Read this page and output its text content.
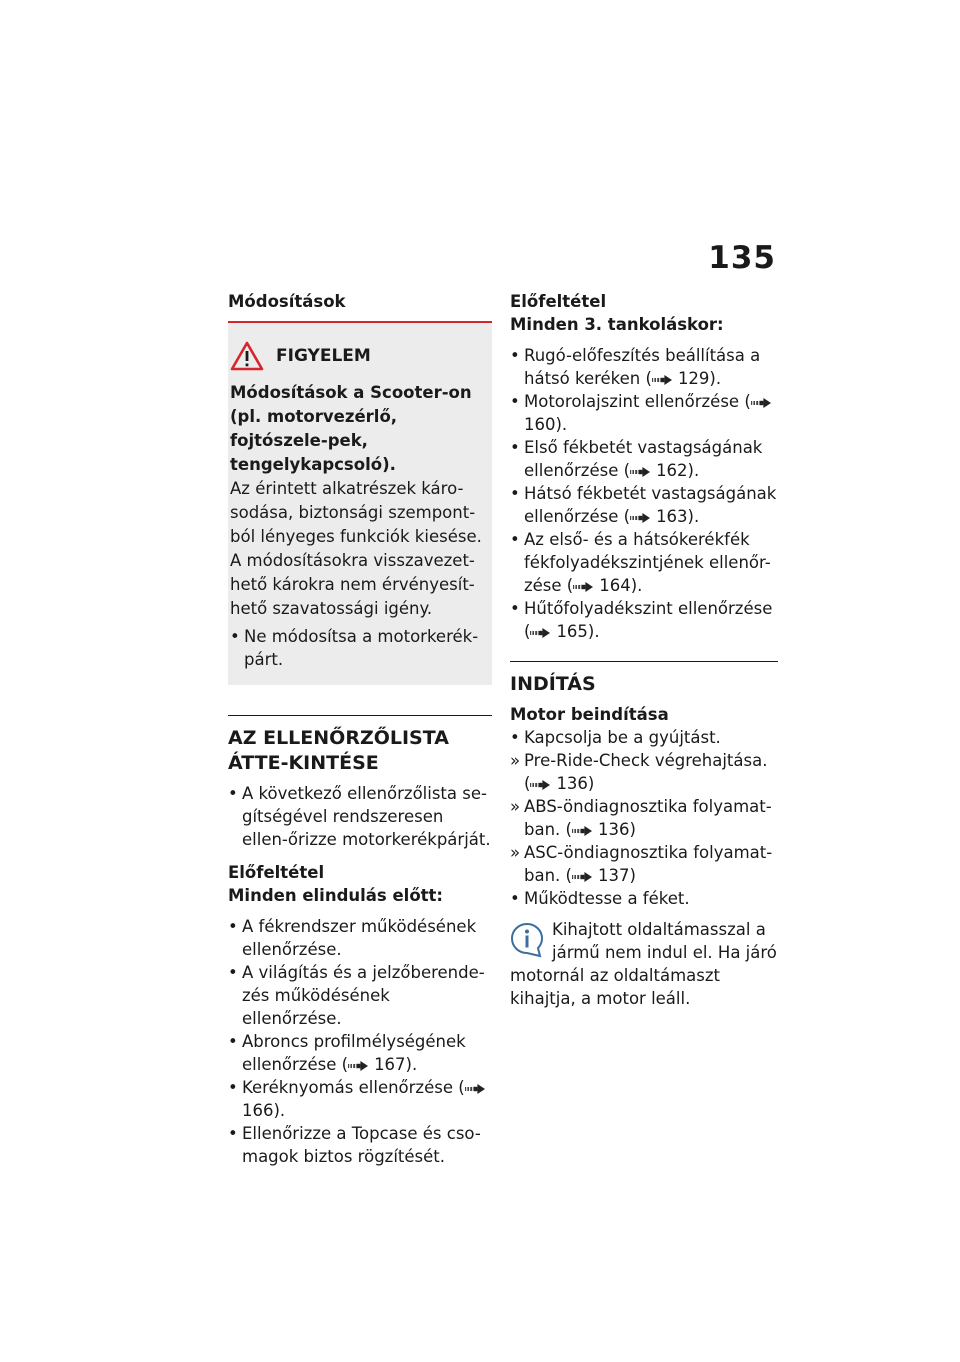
135
Módosítások
FIGYELEM

Módosítások a Scooter-on (pl. motorvezérlő, fojtószele-pek, tengelykapcsoló).

Az érintett alkatrészek káro-sodása, biztonsági szempont-ból lényeges funkciók kiesése. A módosításokra visszavezet-hető károkra nem érvényesít-hető szavatossági igény.

• Ne módosítsa a motorkerék-párt.
AZ ELLENŐRZŐLISTA ÁTTE-KINTÉSE
• A következő ellenőrzőlista se-gítségével rendszeresen ellen-őrizze motorkerékpárját.
Előfeltétel
Minden elindulás előtt:
• A fékrendszer működésének ellenőrzése.
• A világítás és a jelzőberende-zés működésének ellenőrzése.
• Abroncs profilmélységének ellenőrzése ( 167).
• Keréknyomás ellenőrzése (166).
• Ellenőrizze a Topcase és cso-magok biztos rögzítését.
Előfeltétel
Minden 3. tankoláskor:
• Rugó-előfeszítés beállítása a hátsó keréken ( 129).
• Motorolajszint ellenőrzése (160).
• Első fékbetét vastagságának ellenőrzése ( 162).
• Hátsó fékbetét vastagságának ellenőrzése ( 163).
• Az első- és a hátsókerékfék fékfolyadékszintjének ellenőr-zése ( 164).
• Hűtőfolyadékszint ellenőrzése ( 165).
INDÍTÁS
Motor beindítása
• Kapcsolja be a gyújtást.
» Pre-Ride-Check végrehajtása. ( 136)
» ABS-öndiagnosztika folyamat-ban. ( 136)
» ASC-öndiagnosztika folyamat-ban. ( 137)
• Működtesse a féket.
Kihajtott oldaltámasszal a jármű nem indul el. Ha járó motornál az oldaltámaszt kihajtja, a motor leáll.
